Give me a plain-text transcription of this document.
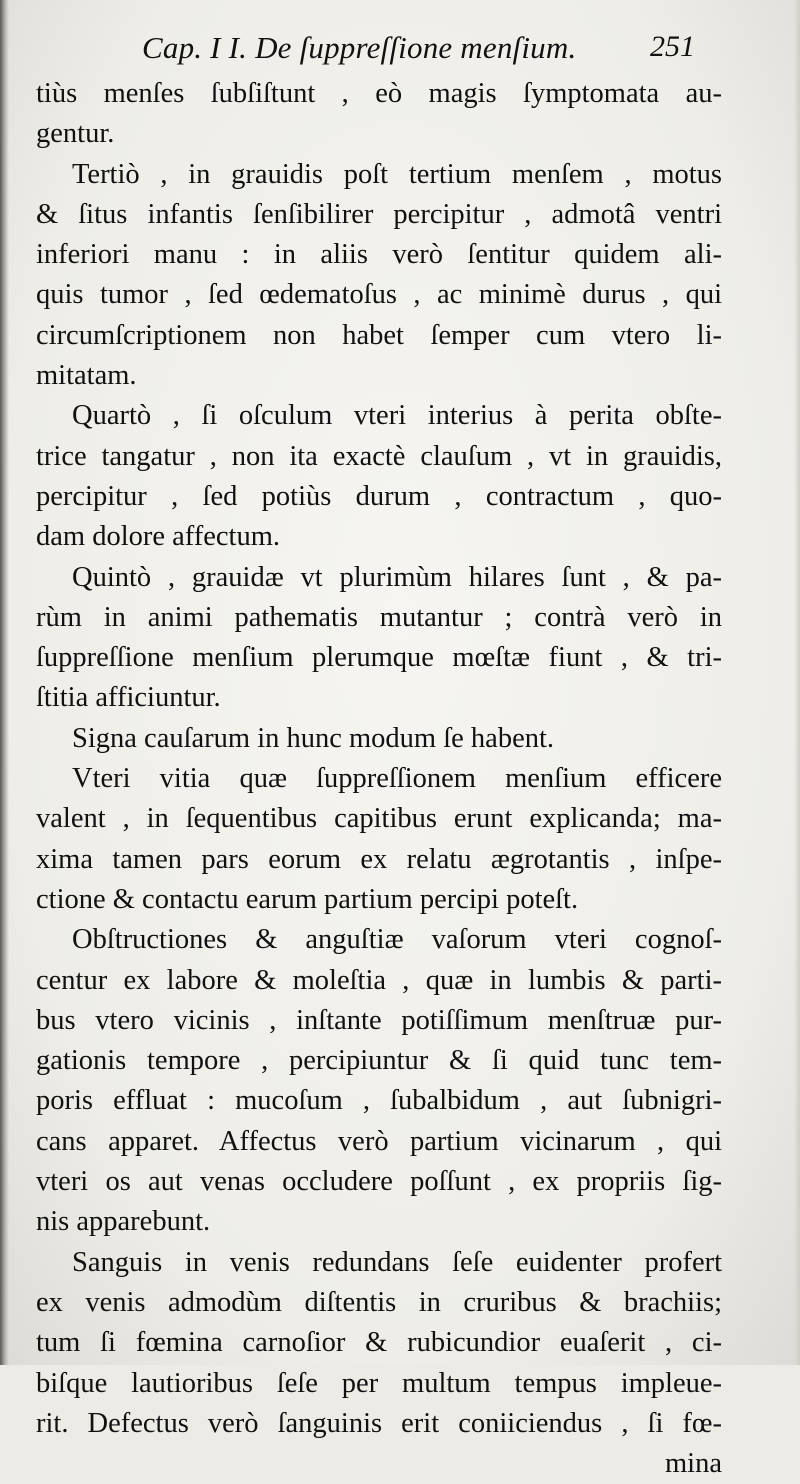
Cap. I I. De ſuppreſſione menſium. 251
tiùs menſes ſubſiſtunt , eò magis ſymptomata au-
gentur.
Tertiò , in grauidis poſt tertium menſem , motus
& ſitus infantis ſenſibilirer percipitur , admotâ ventri
inferiori manu : in aliis verò ſentitur quidem ali-
quis tumor , ſed œdematoſus , ac minimè durus , qui
circumſcriptionem non habet ſemper cum vtero li-
mitatam.
Quartò , ſi oſculum vteri interius à perita obſte-
trice tangatur , non ita exactè clauſum , vt in grauidis,
percipitur , ſed potiùs durum , contractum , quo-
dam dolore affectum.
Quintò , grauidæ vt plurimùm hilares ſunt , & pa-
rùm in animi pathematis mutantur ; contrà verò in
ſuppreſſione menſium plerumque mœſtæ fiunt , & tri-
ſtitia afficiuntur.
Signa cauſarum in hunc modum ſe habent.
Vteri vitia quæ ſuppreſſionem menſium efficere
valent , in ſequentibus capitibus erunt explicanda; ma-
xima tamen pars eorum ex relatu ægrotantis , inſpe-
ctione & contactu earum partium percipi poteſt.
Obſtructiones & anguſtiæ vaſorum vteri cognoſ-
centur ex labore & moleſtia , quæ in lumbis & parti-
bus vtero vicinis , inſtante potiſſimum menſtruæ pur-
gationis tempore , percipiuntur & ſi quid tunc tem-
poris effluat : mucoſum , ſubalbidum , aut ſubnigri-
cans apparet. Affectus verò partium vicinarum , qui
vteri os aut venas occludere poſſunt , ex propriis ſig-
nis apparebunt.
Sanguis in venis redundans ſeſe euidenter profert
ex venis admodùm diſtentis in cruribus & brachiis;
tum ſi fœmina carnoſior & rubicundior euaſerit , ci-
biſque lautioribus ſeſe per multum tempus impleue-
rit. Defectus verò ſanguinis erit coniiciendus , ſi fœ-
mina
